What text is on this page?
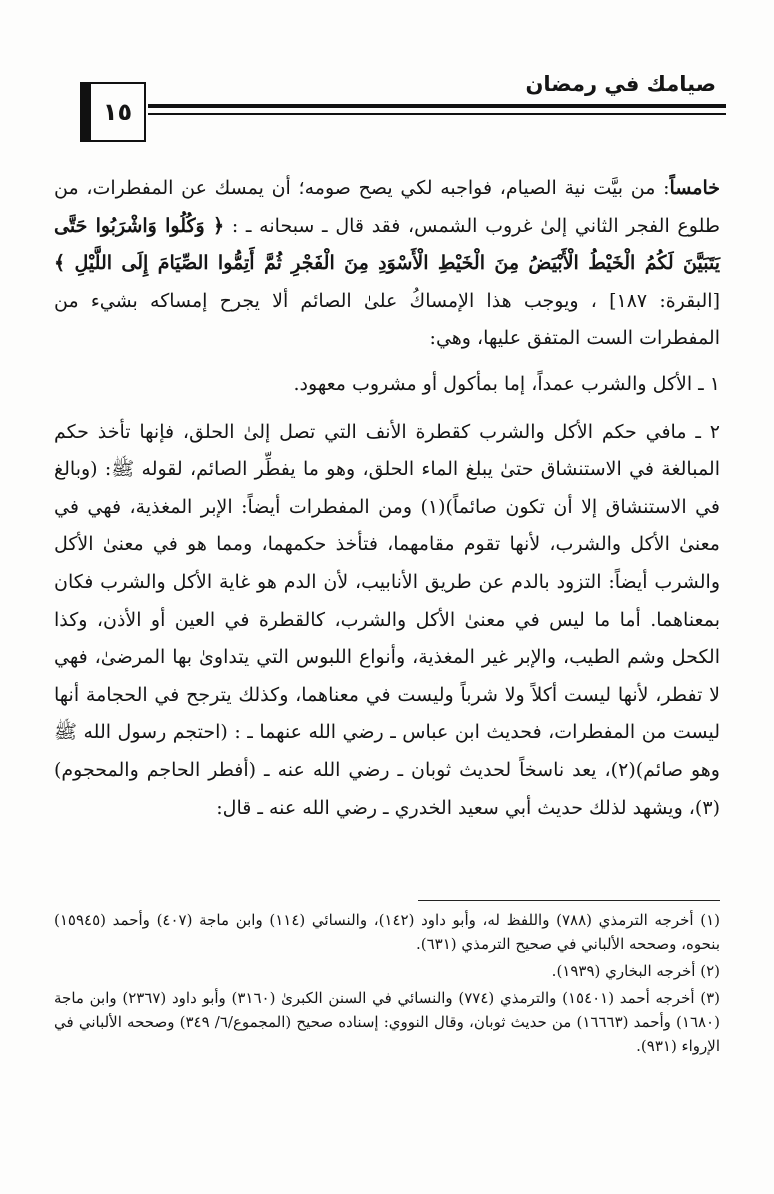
صيامك في رمضان
١٥

خامساً: من بيَّت نية الصيام، فواجبه لكي يصح صومه؛ أن يمسك عن المفطرات، من طلوع الفجر الثاني إلىٰ غروب الشمس، فقد قال ـ سبحانه ـ : ﴿ وَكُلُوا وَاشْرَبُوا حَتَّى يَتَبَيَّنَ لَكُمُ الْخَيْطُ الْأَبْيَضُ مِنَ الْخَيْطِ الْأَسْوَدِ مِنَ الْفَجْرِ ثُمَّ أَتِمُّوا الصِّيَامَ إِلَى اللَّيْلِ ﴾ [البقرة: ١٨٧] ، ويوجب هذا الإمساكُ علىٰ الصائم ألا يجرح إمساكه بشيء من المفطرات الست المتفق عليها، وهي:

١ ـ الأكل والشرب عمداً، إما بمأكول أو مشروب معهود.

٢ ـ مافي حكم الأكل والشرب كقطرة الأنف التي تصل إلىٰ الحلق، فإنها تأخذ حكم المبالغة في الاستنشاق حتىٰ يبلغ الماء الحلق، وهو ما يفطِّر الصائم، لقوله ﷺ: (وبالغ في الاستنشاق إلا أن تكون صائماً)(١) ومن المفطرات أيضاً: الإبر المغذية، فهي في معنىٰ الأكل والشرب، لأنها تقوم مقامهما، فتأخذ حكمهما، ومما هو في معنىٰ الأكل والشرب أيضاً: التزود بالدم عن طريق الأنابيب، لأن الدم هو غاية الأكل والشرب فكان بمعناهما. أما ما ليس في معنىٰ الأكل والشرب، كالقطرة في العين أو الأذن، وكذا الكحل وشم الطيب، والإبر غير المغذية، وأنواع اللبوس التي يتداوىٰ بها المرضىٰ، فهي لا تفطر، لأنها ليست أكلاً ولا شرباً وليست في معناهما، وكذلك يترجح في الحجامة أنها ليست من المفطرات، فحديث ابن عباس ـ رضي الله عنهما ـ : (احتجم رسول الله ﷺ وهو صائم)(٢)، يعد ناسخاً لحديث ثوبان ـ رضي الله عنه ـ (أفطر الحاجم والمحجوم)(٣)، ويشهد لذلك حديث أبي سعيد الخدري ـ رضي الله عنه ـ قال:

(١) أخرجه الترمذي (٧٨٨) واللفظ له، وأبو داود (١٤٢)، والنسائي (١١٤) وابن ماجة (٤٠٧) وأحمد (١٥٩٤٥) بنحوه، وصححه الألباني في صحيح الترمذي (٦٣١).

(٢) أخرجه البخاري (١٩٣٩).

(٣) أخرجه أحمد (١٥٤٠١) والترمذي (٧٧٤) والنسائي في السنن الكبرىٰ (٣١٦٠) وأبو داود (٢٣٦٧) وابن ماجة (١٦٨٠) وأحمد (١٦٦٦٣) من حديث ثوبان، وقال النووي: إسناده صحيح (المجموع/٦/ ٣٤٩) وصححه الألباني في الإرواء (٩٣١).
